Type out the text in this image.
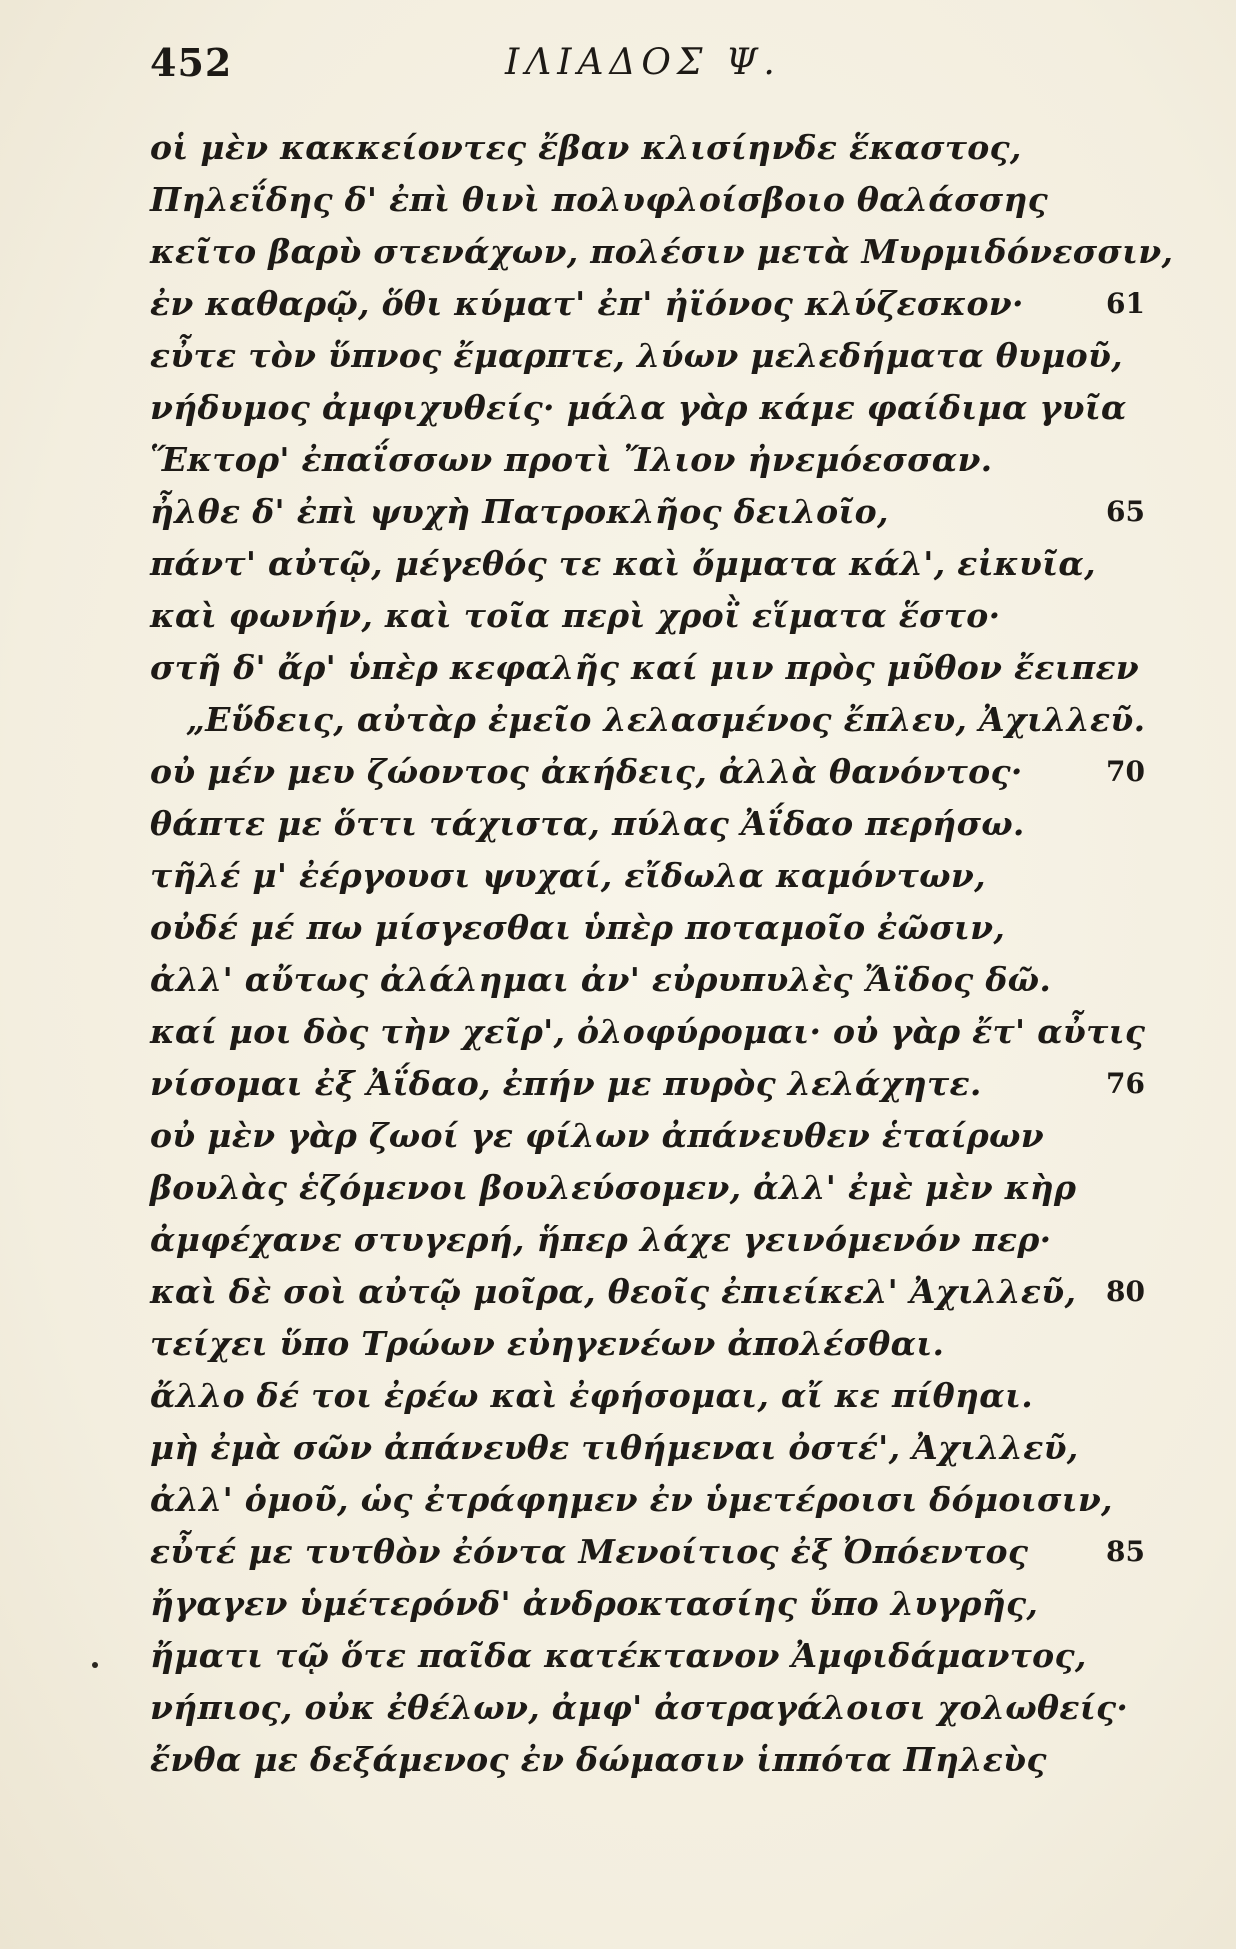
452	ΙΛΙΑΔΟΣ Ψ.
οἱ μὲν κακκείοντες ἔβαν κλισίηνδε ἕκαστος,
Πηλεΐδης δ' ἐπὶ θινὶ πολυφλοίσβοιο θαλάσσης
κεῖτο βαρὺ στενάχων, πολέσιν μετὰ Μυρμιδόνεσσιν,
ἐν καθαρῷ, ὅθι κύματ' ἐπ' ἠϊόνος κλύζεσκον·	61
εὖτε τὸν ὕπνος ἔμαρπτε, λύων μελεδήματα θυμοῦ,
νήδυμος ἀμφιχυθείς· μάλα γὰρ κάμε φαίδιμα γυῖα
Ἕκτορ' ἐπαΐσσων προτὶ Ἴλιον ἠνεμόεσσαν.
ἦλθε δ' ἐπὶ ψυχὴ Πατροκλῆος δειλοῖο,	65
πάντ' αὐτῷ, μέγεθός τε καὶ ὄμματα κάλ', εἰκυῖα,
καὶ φωνήν, καὶ τοῖα περὶ χροῒ εἵματα ἕστο·
στῆ δ' ἄρ' ὑπὲρ κεφαλῆς καί μιν πρὸς μῦθον ἔειπεν
„Εὕδεις, αὐτὰρ ἐμεῖο λελασμένος ἔπλευ, Ἀχιλλεῦ.
οὐ μέν μευ ζώοντος ἀκήδεις, ἀλλὰ θανόντος·	70
θάπτε με ὅττι τάχιστα, πύλας Ἀΐδαο περήσω.
τῆλέ μ' ἐέργουσι ψυχαί, εἴδωλα καμόντων,
οὐδέ μέ πω μίσγεσθαι ὑπὲρ ποταμοῖο ἐῶσιν,
ἀλλ' αὔτως ἀλάλημαι ἀν' εὐρυπυλὲς Ἄϊδος δῶ.
καί μοι δὸς τὴν χεῖρ', ὀλοφύρομαι· οὐ γὰρ ἔτ' αὖτις
νίσομαι ἐξ Ἀΐδαο, ἐπήν με πυρὸς λελάχητε.	76
οὐ μὲν γὰρ ζωοί γε φίλων ἀπάνευθεν ἑταίρων
βουλὰς ἑζόμενοι βουλεύσομεν, ἀλλ' ἐμὲ μὲν κὴρ
ἀμφέχανε στυγερή, ἥπερ λάχε γεινόμενόν περ·
καὶ δὲ σοὶ αὐτῷ μοῖρα, θεοῖς ἐπιείκελ' Ἀχιλλεῦ,	80
τείχει ὕπο Τρώων εὐηγενέων ἀπολέσθαι.
ἄλλο δέ τοι ἐρέω καὶ ἐφήσομαι, αἴ κε πίθηαι.
μὴ ἐμὰ σῶν ἀπάνευθε τιθήμεναι ὀστέ', Ἀχιλλεῦ,
ἀλλ' ὁμοῦ, ὡς ἐτράφημεν ἐν ὑμετέροισι δόμοισιν,
εὖτέ με τυτθὸν ἐόντα Μενοίτιος ἐξ Ὀπόεντος	85
ἤγαγεν ὑμέτερόνδ' ἀνδροκτασίης ὕπο λυγρῆς,
ἤματι τῷ ὅτε παῖδα κατέκτανον Ἀμφιδάμαντος,
νήπιος, οὐκ ἐθέλων, ἀμφ' ἀστραγάλοισι χολωθείς·
ἔνθα με δεξάμενος ἐν δώμασιν ἱππότα Πηλεὺς
